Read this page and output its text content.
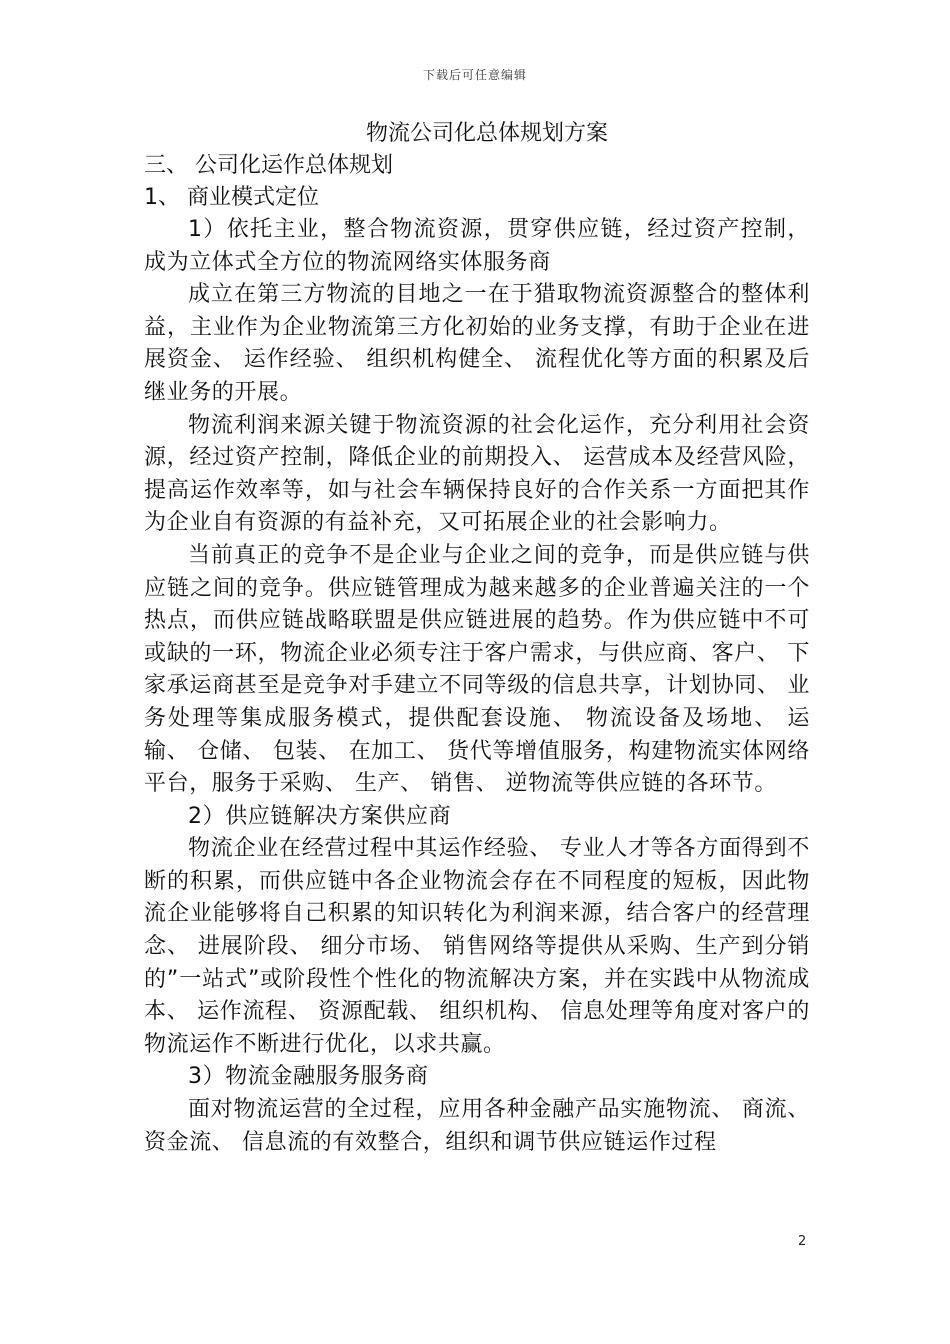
下载后可任意编辑

物流公司化总体规划方案

三、 公司化运作总体规划

1、 商业模式定位

1）依托主业，整合物流资源，贯穿供应链，经过资产控制，成为立体式全方位的物流网络实体服务商

成立在第三方物流的目地之一在于猎取物流资源整合的整体利益，主业作为企业物流第三方化初始的业务支撑，有助于企业在进展资金、 运作经验、 组织机构健全、 流程优化等方面的积累及后继业务的开展。

物流利润来源关键于物流资源的社会化运作，充分利用社会资源，经过资产控制，降低企业的前期投入、 运营成本及经营风险，提高运作效率等，如与社会车辆保持良好的合作关系一方面把其作为企业自有资源的有益补充，又可拓展企业的社会影响力。

当前真正的竞争不是企业与企业之间的竞争，而是供应链与供应链之间的竞争。供应链管理成为越来越多的企业普遍关注的一个热点，而供应链战略联盟是供应链进展的趋势。作为供应链中不可或缺的一环，物流企业必须专注于客户需求，与供应商、客户、 下家承运商甚至是竞争对手建立不同等级的信息共享，计划协同、 业务处理等集成服务模式，提供配套设施、 物流设备及场地、 运输、 仓储、 包装、 在加工、 货代等增值服务，构建物流实体网络平台，服务于采购、 生产、 销售、 逆物流等供应链的各环节。

2）供应链解决方案供应商

物流企业在经营过程中其运作经验、 专业人才等各方面得到不断的积累，而供应链中各企业物流会存在不同程度的短板，因此物流企业能够将自己积累的知识转化为利润来源，结合客户的经营理念、 进展阶段、 细分市场、 销售网络等提供从采购、生产到分销的”一站式”或阶段性个性化的物流解决方案，并在实践中从物流成本、 运作流程、 资源配载、 组织机构、 信息处理等角度对客户的物流运作不断进行优化，以求共赢。

3）物流金融服务服务商

面对物流运营的全过程，应用各种金融产品实施物流、 商流、 资金流、 信息流的有效整合，组织和调节供应链运作过程

2
